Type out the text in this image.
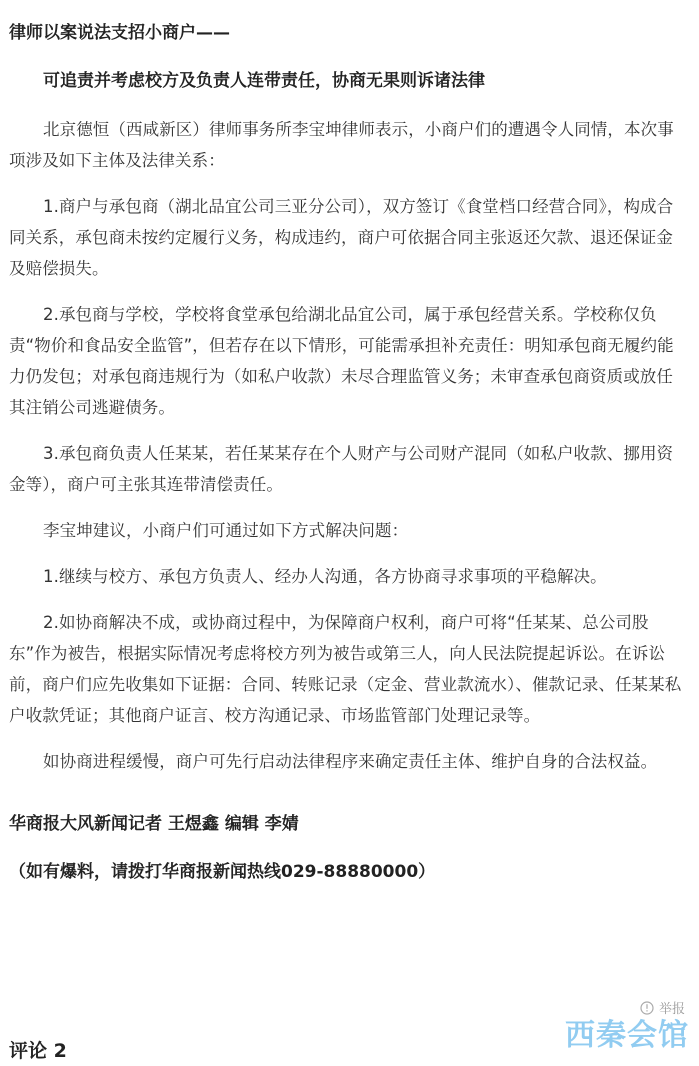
律师以案说法支招小商户——

可追责并考虑校方及负责人连带责任，协商无果则诉诸法律

北京德恒（西咸新区）律师事务所李宝坤律师表示，小商户们的遭遇令人同情，本次事项涉及如下主体及法律关系：

1.商户与承包商（湖北品宜公司三亚分公司），双方签订《食堂档口经营合同》，构成合同关系，承包商未按约定履行义务，构成违约，商户可依据合同主张返还欠款、退还保证金及赔偿损失。

2.承包商与学校，学校将食堂承包给湖北品宜公司，属于承包经营关系。学校称仅负责“物价和食品安全监管”，但若存在以下情形，可能需承担补充责任：明知承包商无履约能力仍发包；对承包商违规行为（如私户收款）未尽合理监管义务；未审查承包商资质或放任其注销公司逃避债务。

3.承包商负责人任某某，若任某某存在个人财产与公司财产混同（如私户收款、挪用资金等），商户可主张其连带清偿责任。

李宝坤建议，小商户们可通过如下方式解决问题：

1.继续与校方、承包方负责人、经办人沟通，各方协商寻求事项的平稳解决。

2.如协商解决不成，或协商过程中，为保障商户权利，商户可将“任某某、总公司股东”作为被告，根据实际情况考虑将校方列为被告或第三人，向人民法院提起诉讼。在诉讼前，商户们应先收集如下证据：合同、转账记录（定金、营业款流水）、催款记录、任某某私户收款凭证；其他商户证言、校方沟通记录、市场监管部门处理记录等。

如协商进程缓慢，商户可先行启动法律程序来确定责任主体、维护自身的合法权益。

华商报大风新闻记者 王煜鑫 编辑 李婧

（如有爆料，请拨打华商报新闻热线029-88880000）

举报
评论 2	西秦会馆
